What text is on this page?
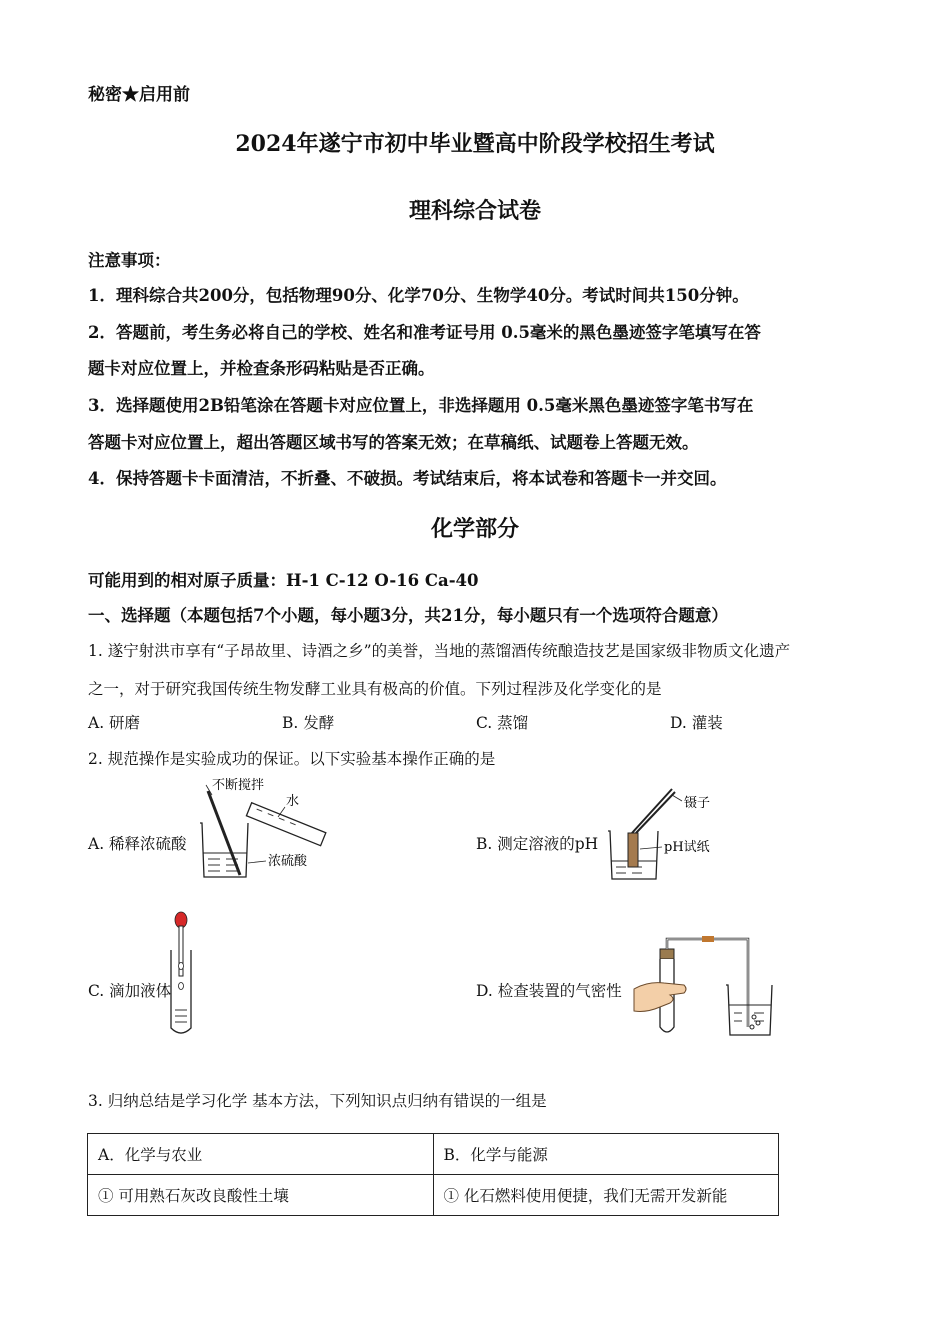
秘密★启用前
2024年遂宁市初中毕业暨高中阶段学校招生考试
理科综合试卷
注意事项：
1．理科综合共200分，包括物理90分、化学70分、生物学40分。考试时间共150分钟。
2．答题前，考生务必将自己的学校、姓名和准考证号用 0.5毫米的黑色墨迹签字笔填写在答
题卡对应位置上，并检查条形码粘贴是否正确。
3．选择题使用2B铅笔涂在答题卡对应位置上，非选择题用 0.5毫米黑色墨迹签字笔书写在
答题卡对应位置上，超出答题区域书写的答案无效；在草稿纸、试题卷上答题无效。
4．保持答题卡卡面清洁，不折叠、不破损。考试结束后，将本试卷和答题卡一并交回。
化学部分
可能用到的相对原子质量：H-1 C-12 O-16 Ca-40
一、选择题（本题包括7个小题，每小题3分，共21分，每小题只有一个选项符合题意）
1. 遂宁射洪市享有“子昂故里、诗酒之乡”的美誉，当地的蒸馏酒传统酿造技艺是国家级非物质文化遗产
之一，对于研究我国传统生物发酵工业具有极高的价值。下列过程涉及化学变化的是
A. 研磨	B. 发酵	C. 蒸馏	D. 灌装
2. 规范操作是实验成功的保证。以下实验基本操作正确的是
A. 稀释浓硫酸	B. 测定溶液的pH
C. 滴加液体	D. 检查装置的气密性
不断搅拌
水
浓硫酸
镊子
pH试纸
3. 归纳总结是学习化学 基本方法，下列知识点归纳有错误的一组是
A．化学与农业	B．化学与能源
① 可用熟石灰改良酸性土壤	① 化石燃料使用便捷，我们无需开发新能
